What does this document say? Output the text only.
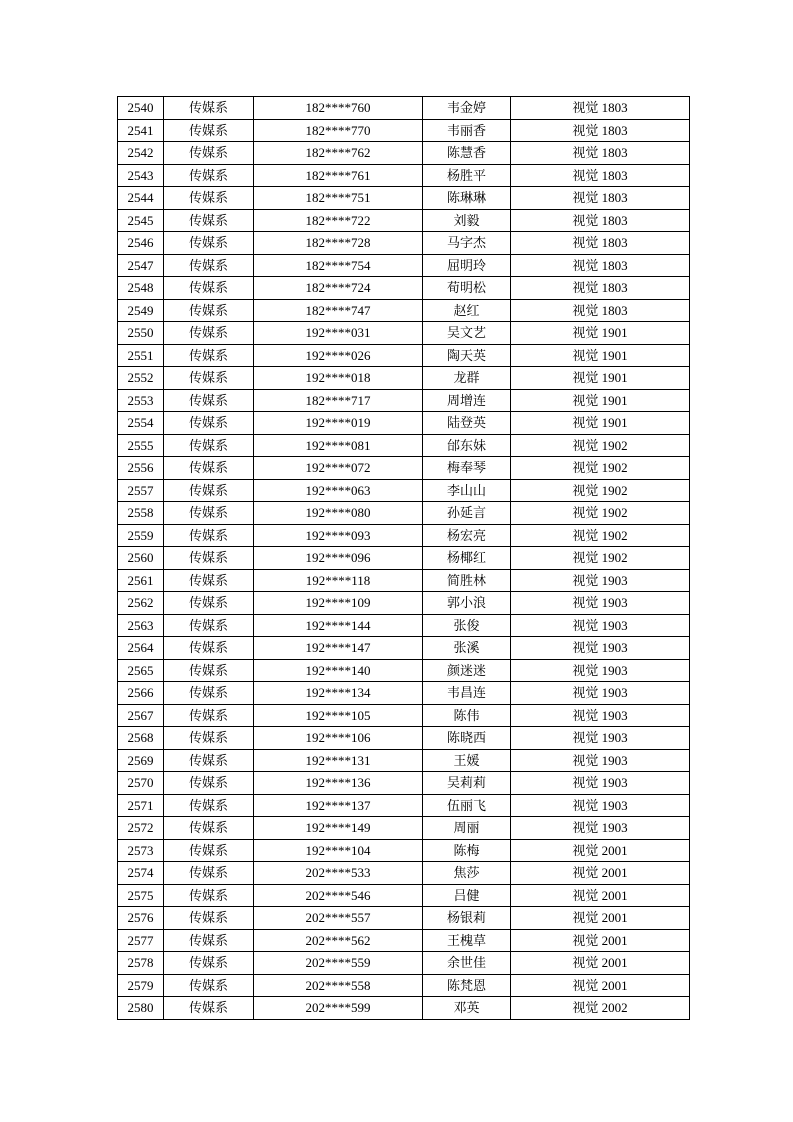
2540	传媒系	182****760	韦金婷	视觉 1803
2541	传媒系	182****770	韦丽香	视觉 1803
2542	传媒系	182****762	陈慧香	视觉 1803
2543	传媒系	182****761	杨胜平	视觉 1803
2544	传媒系	182****751	陈琳琳	视觉 1803
2545	传媒系	182****722	刘毅	视觉 1803
2546	传媒系	182****728	马字杰	视觉 1803
2547	传媒系	182****754	屈明玲	视觉 1803
2548	传媒系	182****724	荀明松	视觉 1803
2549	传媒系	182****747	赵红	视觉 1803
2550	传媒系	192****031	吴文艺	视觉 1901
2551	传媒系	192****026	陶天英	视觉 1901
2552	传媒系	192****018	龙群	视觉 1901
2553	传媒系	182****717	周增连	视觉 1901
2554	传媒系	192****019	陆登英	视觉 1901
2555	传媒系	192****081	邰东妹	视觉 1902
2556	传媒系	192****072	梅奉琴	视觉 1902
2557	传媒系	192****063	李山山	视觉 1902
2558	传媒系	192****080	孙延言	视觉 1902
2559	传媒系	192****093	杨宏亮	视觉 1902
2560	传媒系	192****096	杨椰红	视觉 1902
2561	传媒系	192****118	简胜林	视觉 1903
2562	传媒系	192****109	郭小浪	视觉 1903
2563	传媒系	192****144	张俊	视觉 1903
2564	传媒系	192****147	张溪	视觉 1903
2565	传媒系	192****140	颜迷迷	视觉 1903
2566	传媒系	192****134	韦昌连	视觉 1903
2567	传媒系	192****105	陈伟	视觉 1903
2568	传媒系	192****106	陈晓西	视觉 1903
2569	传媒系	192****131	王媛	视觉 1903
2570	传媒系	192****136	吴莉莉	视觉 1903
2571	传媒系	192****137	伍丽飞	视觉 1903
2572	传媒系	192****149	周丽	视觉 1903
2573	传媒系	192****104	陈梅	视觉 2001
2574	传媒系	202****533	焦莎	视觉 2001
2575	传媒系	202****546	吕健	视觉 2001
2576	传媒系	202****557	杨银莉	视觉 2001
2577	传媒系	202****562	王槐草	视觉 2001
2578	传媒系	202****559	余世佳	视觉 2001
2579	传媒系	202****558	陈梵恩	视觉 2001
2580	传媒系	202****599	邓英	视觉 2002
